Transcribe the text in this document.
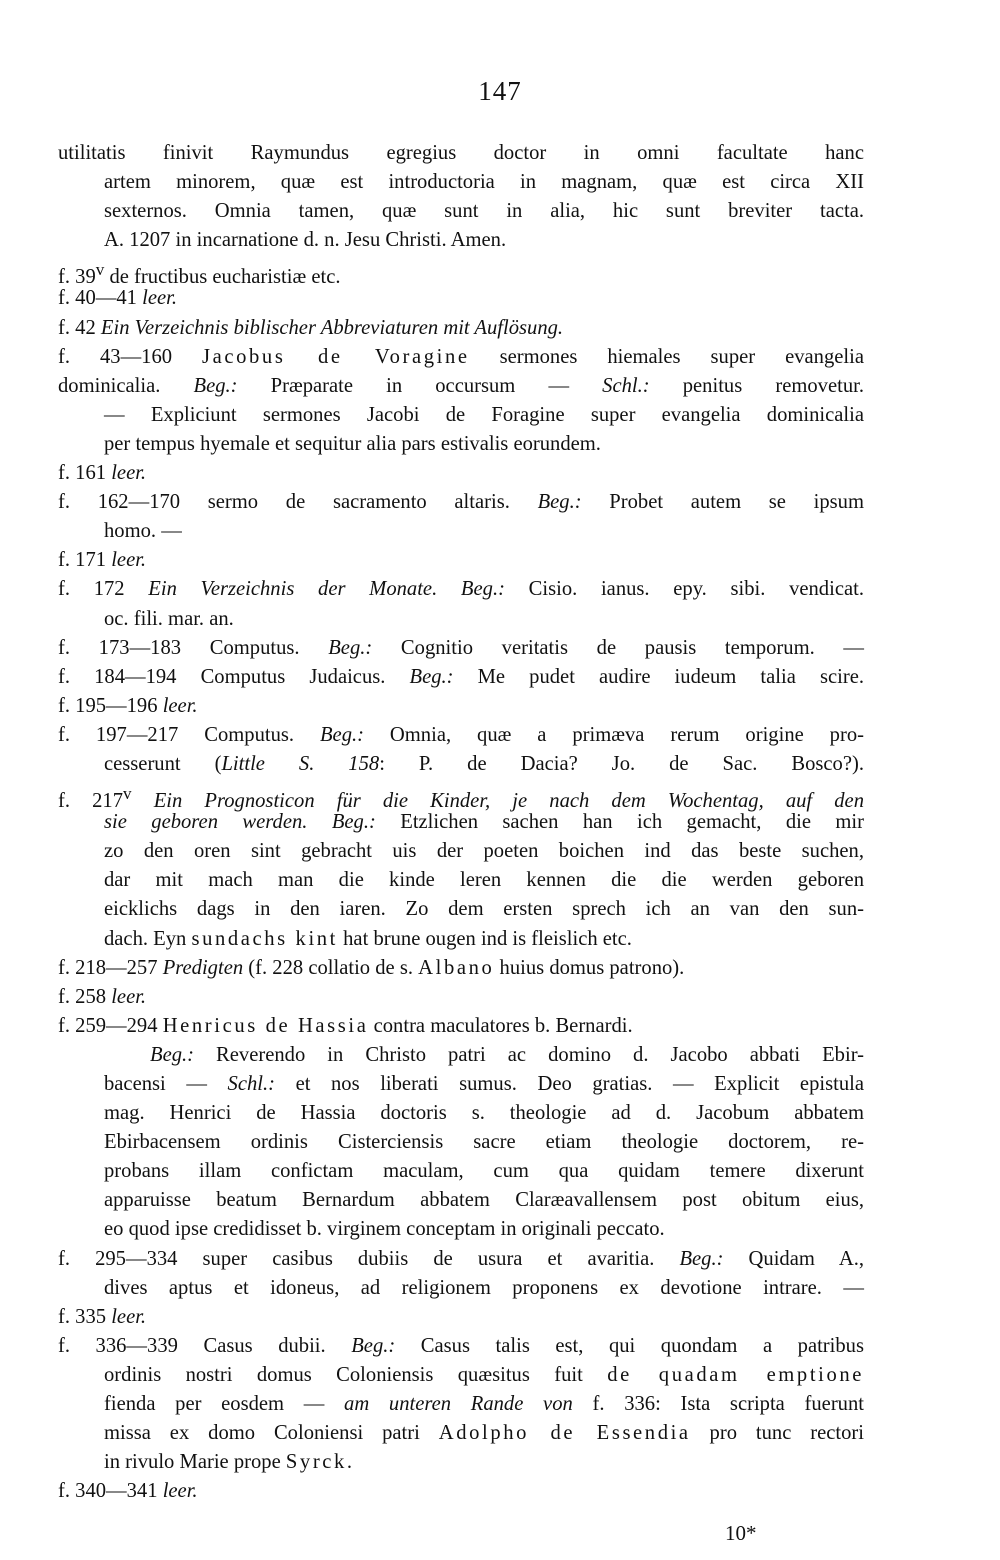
147
utilitatis finivit Raymundus egregius doctor in omni facultate hanc
artem minorem, quæ est introductoria in magnam, quæ est circa XII
sexternos. Omnia tamen, quæ sunt in alia, hic sunt breviter tacta.
A. 1207 in incarnatione d. n. Jesu Christi. Amen.
f. 39$^v$ de fructibus eucharistiæ etc.
f. 40—41 leer.
f. 42 Ein Verzeichnis biblischer Abbreviaturen mit Auflösung.
f. 43—160 Jacobus de Voragine sermones hiemales super evangelia
dominicalia. Beg.: Præparate in occursum — Schl.: penitus removetur.
— Expliciunt sermones Jacobi de Foragine super evangelia dominicalia
per tempus hyemale et sequitur alia pars estivalis eorundem.
f. 161 leer.
f. 162—170 sermo de sacramento altaris. Beg.: Probet autem se ipsum
homo. —
f. 171 leer.
f. 172 Ein Verzeichnis der Monate. Beg.: Cisio. ianus. epy. sibi. vendicat.
oc. fili. mar. an.
f. 173—183 Computus. Beg.: Cognitio veritatis de pausis temporum. —
f. 184—194 Computus Judaicus. Beg.: Me pudet audire iudeum talia scire.
f. 195—196 leer.
f. 197—217 Computus. Beg.: Omnia, quæ a primæva rerum origine pro-
cesserunt (Little S. 158: P. de Dacia? Jo. de Sac. Bosco?).
f. 217$^v$ Ein Prognosticon für die Kinder, je nach dem Wochentag, auf den
sie geboren werden. Beg.: Etzlichen sachen han ich gemacht, die mir
zo den oren sint gebracht uis der poeten boichen ind das beste suchen,
dar mit mach man die kinde leren kennen die die werden geboren
eicklichs dags in den iaren. Zo dem ersten sprech ich an van den sun-
dach. Eyn sundachs kint hat brune ougen ind is fleislich etc.
f. 218—257 Predigten (f. 228 collatio de s. Albano huius domus patrono).
f. 258 leer.
f. 259—294 Henricus de Hassia contra maculatores b. Bernardi.
Beg.: Reverendo in Christo patri ac domino d. Jacobo abbati Ebir-
bacensi — Schl.: et nos liberati sumus. Deo gratias. — Explicit epistula
mag. Henrici de Hassia doctoris s. theologie ad d. Jacobum abbatem
Ebirbacensem ordinis Cisterciensis sacre etiam theologie doctorem, re-
probans illam confictam maculam, cum qua quidam temere dixerunt
apparuisse beatum Bernardum abbatem Claræavallensem post obitum eius,
eo quod ipse credidisset b. virginem conceptam in originali peccato.
f. 295—334 super casibus dubiis de usura et avaritia. Beg.: Quidam A.,
dives aptus et idoneus, ad religionem proponens ex devotione intrare. —
f. 335 leer.
f. 336—339 Casus dubii. Beg.: Casus talis est, qui quondam a patribus
ordinis nostri domus Coloniensis quæsitus fuit de quadam emptione
fienda per eosdem — am unteren Rande von f. 336: Ista scripta fuerunt
missa ex domo Coloniensi patri Adolpho de Essendia pro tunc rectori
in rivulo Marie prope Syrck.
f. 340—341 leer.
10*
